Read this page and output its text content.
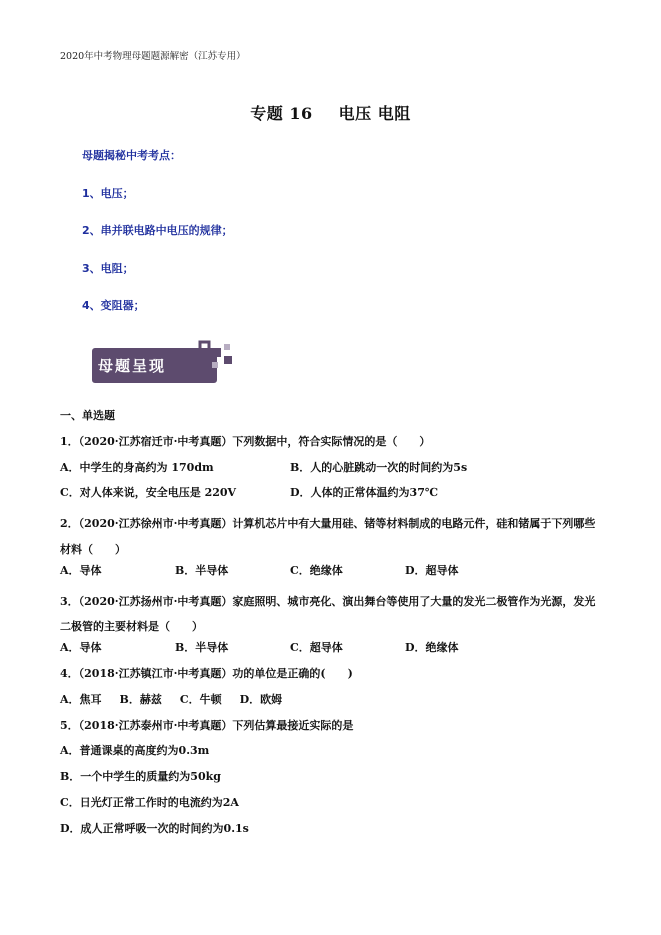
2020年中考物理母题题源解密（江苏专用）
专题 16 电压 电阻
母题揭秘中考考点：
1、电压；
2、串并联电路中电压的规律；
3、电阻；
4、变阻器；
母题呈现
一、单选题
1．（2020·江苏宿迁市·中考真题）下列数据中，符合实际情况的是（　　）
A．中学生的身高约为 170dm	B．人的心脏跳动一次的时间约为5s
C．对人体来说，安全电压是 220V	D．人体的正常体温约为37℃
2．（2020·江苏徐州市·中考真题）计算机芯片中有大量用硅、锗等材料制成的电路元件，硅和锗属于下列哪些材料（　　）
A．导体	B．半导体	C．绝缘体	D．超导体
3．（2020·江苏扬州市·中考真题）家庭照明、城市亮化、演出舞台等使用了大量的发光二极管作为光源，发光二极管的主要材料是（　　）
A．导体	B．半导体	C．超导体	D．绝缘体
4．（2018·江苏镇江市·中考真题）功的单位是正确的(　　)
A．焦耳 B．赫兹 C．牛顿 D．欧姆
5．（2018·江苏泰州市·中考真题）下列估算最接近实际的是
A．普通课桌的高度约为0.3m
B．一个中学生的质量约为50kg
C．日光灯正常工作时的电流约为2A
D．成人正常呼吸一次的时间约为0.1s
